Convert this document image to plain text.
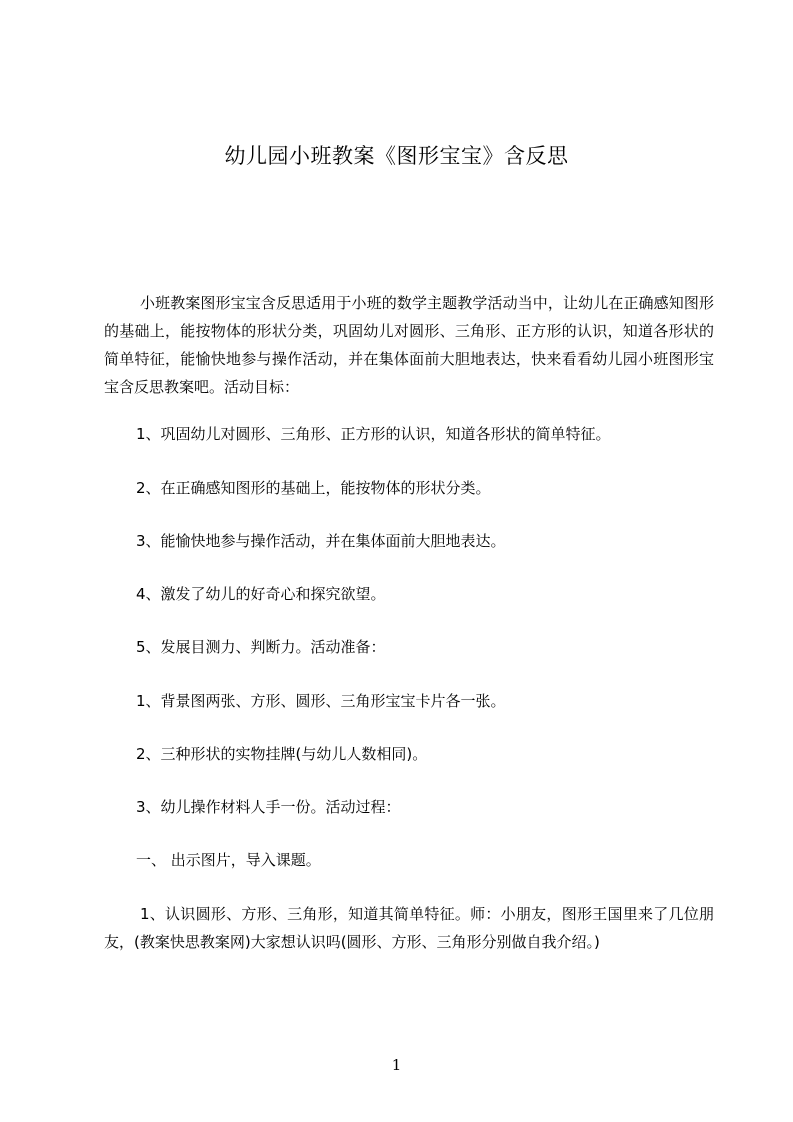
幼儿园小班教案《图形宝宝》含反思
小班教案图形宝宝含反思适用于小班的数学主题教学活动当中，让幼儿在正确感知图形的基础上，能按物体的形状分类，巩固幼儿对圆形、三角形、正方形的认识，知道各形状的简单特征，能愉快地参与操作活动，并在集体面前大胆地表达，快来看看幼儿园小班图形宝宝含反思教案吧。活动目标：
1、巩固幼儿对圆形、三角形、正方形的认识，知道各形状的简单特征。
2、在正确感知图形的基础上，能按物体的形状分类。
3、能愉快地参与操作活动，并在集体面前大胆地表达。
4、激发了幼儿的好奇心和探究欲望。
5、发展目测力、判断力。活动准备：
1、背景图两张、方形、圆形、三角形宝宝卡片各一张。
2、三种形状的实物挂牌(与幼儿人数相同)。
3、幼儿操作材料人手一份。活动过程：
一、 出示图片，导入课题。
1、认识圆形、方形、三角形，知道其简单特征。师：小朋友，图形王国里来了几位朋友，(教案快思教案网)大家想认识吗(圆形、方形、三角形分别做自我介绍。)
1
